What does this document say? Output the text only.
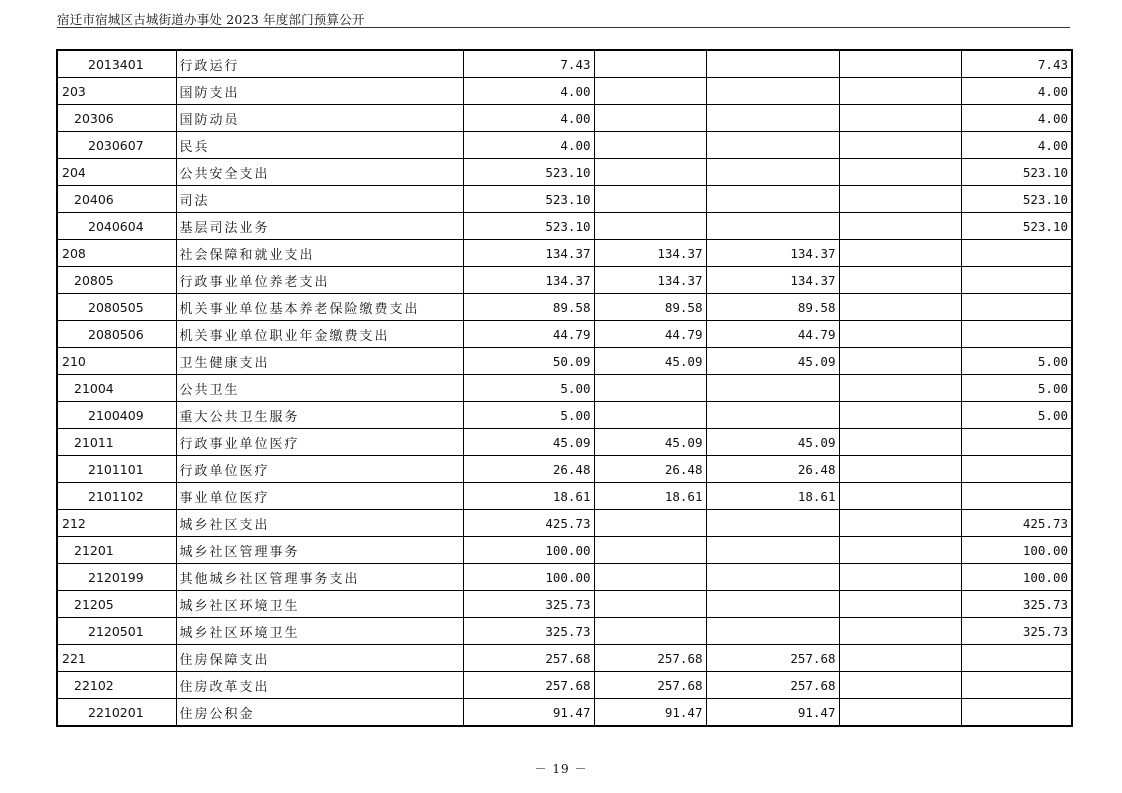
宿迁市宿城区古城街道办事处 2023 年度部门预算公开
2013401	行政运行	7.43				7.43
203	国防支出	4.00				4.00
20306	国防动员	4.00				4.00
2030607	民兵	4.00				4.00
204	公共安全支出	523.10				523.10
20406	司法	523.10				523.10
2040604	基层司法业务	523.10				523.10
208	社会保障和就业支出	134.37	134.37	134.37		
20805	行政事业单位养老支出	134.37	134.37	134.37		
2080505	机关事业单位基本养老保险缴费支出	89.58	89.58	89.58		
2080506	机关事业单位职业年金缴费支出	44.79	44.79	44.79		
210	卫生健康支出	50.09	45.09	45.09		5.00
21004	公共卫生	5.00				5.00
2100409	重大公共卫生服务	5.00				5.00
21011	行政事业单位医疗	45.09	45.09	45.09		
2101101	行政单位医疗	26.48	26.48	26.48		
2101102	事业单位医疗	18.61	18.61	18.61		
212	城乡社区支出	425.73				425.73
21201	城乡社区管理事务	100.00				100.00
2120199	其他城乡社区管理事务支出	100.00				100.00
21205	城乡社区环境卫生	325.73				325.73
2120501	城乡社区环境卫生	325.73				325.73
221	住房保障支出	257.68	257.68	257.68		
22102	住房改革支出	257.68	257.68	257.68		
2210201	住房公积金	91.47	91.47	91.47		
－ 19 －
